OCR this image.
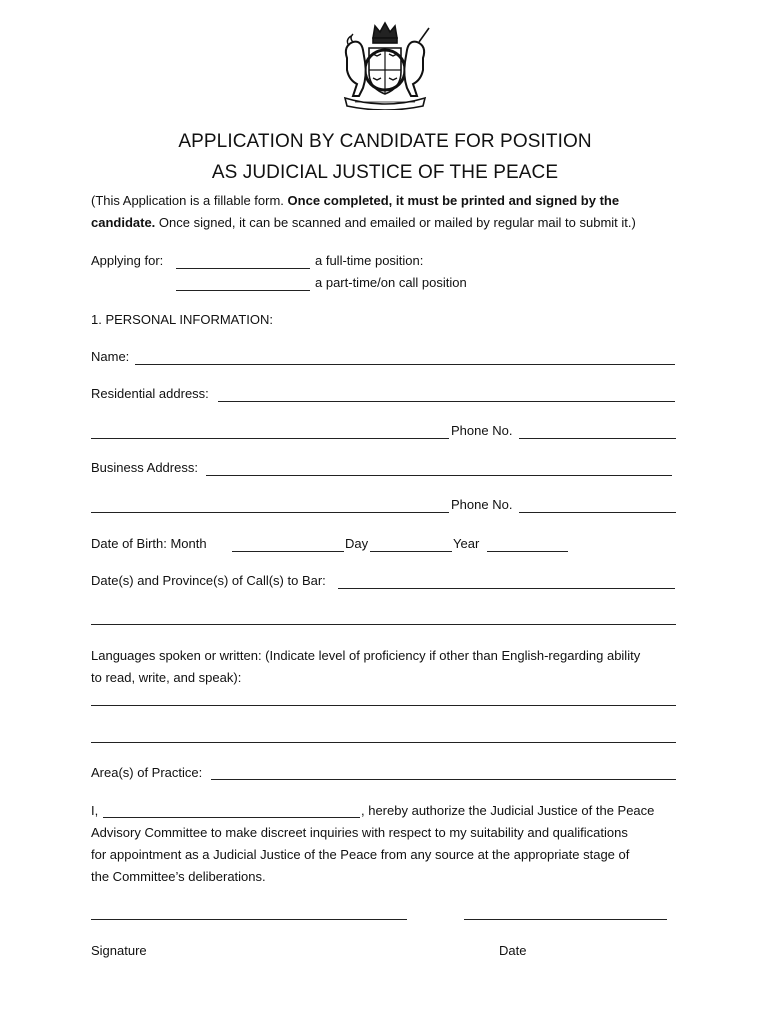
APPLICATION BY CANDIDATE FOR POSITION
AS JUDICIAL JUSTICE OF THE PEACE
(This Application is a fillable form. Once completed, it must be printed and signed by the
candidate. Once signed, it can be scanned and emailed or mailed by regular mail to submit it.)
Applying for:	a full-time position:
a part-time/on call position
1. PERSONAL INFORMATION:
Name:
Residential address:
Phone No.
Business Address:
Phone No.
Date of Birth: Month	Day	Year
Date(s) and Province(s) of Call(s) to Bar:
Languages spoken or written: (Indicate level of proficiency if other than English-regarding ability
to read, write, and speak):
Area(s) of Practice:
I,	, hereby authorize the Judicial Justice of the Peace
Advisory Committee to make discreet inquiries with respect to my suitability and qualifications
for appointment as a Judicial Justice of the Peace from any source at the appropriate stage of
the Committee’s deliberations.
Signature	Date
